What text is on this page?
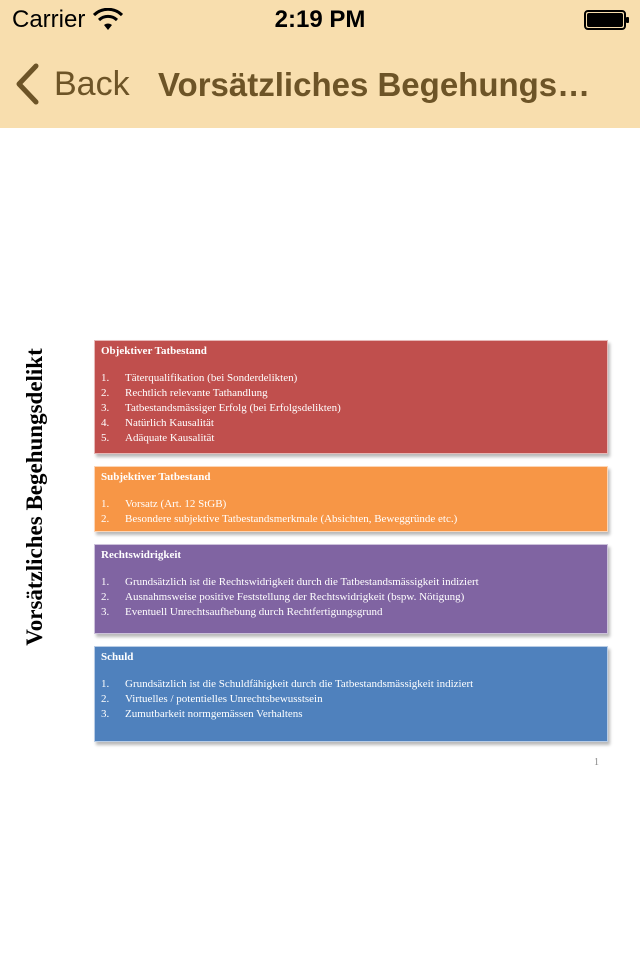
Carrier	2:19 PM
Back Vorsätzliches Begehungs…
Vorsätzliches Begehungsdelikt	Objektiver Tatbestand
1.	Täterqualifikation (bei Sonderdelikten)
2.	Rechtlich relevante Tathandlung
3.	Tatbestandsmässiger Erfolg (bei Erfolgsdelikten)
4.	Natürlich Kausalität
5.	Adäquate Kausalität
Subjektiver Tatbestand
1.	Vorsatz (Art. 12 StGB)
2.	Besondere subjektive Tatbestandsmerkmale (Absichten, Beweggründe etc.)
Rechtswidrigkeit
1.	Grundsätzlich ist die Rechtswidrigkeit durch die Tatbestandsmässigkeit indiziert
2.	Ausnahmsweise positive Feststellung der Rechtswidrigkeit (bspw. Nötigung)
3.	Eventuell Unrechtsaufhebung durch Rechtfertigungsgrund
Schuld
1.	Grundsätzlich ist die Schuldfähigkeit durch die Tatbestandsmässigkeit indiziert
2.	Virtuelles / potentielles Unrechtsbewusstsein
3.	Zumutbarkeit normgemässen Verhaltens
1
